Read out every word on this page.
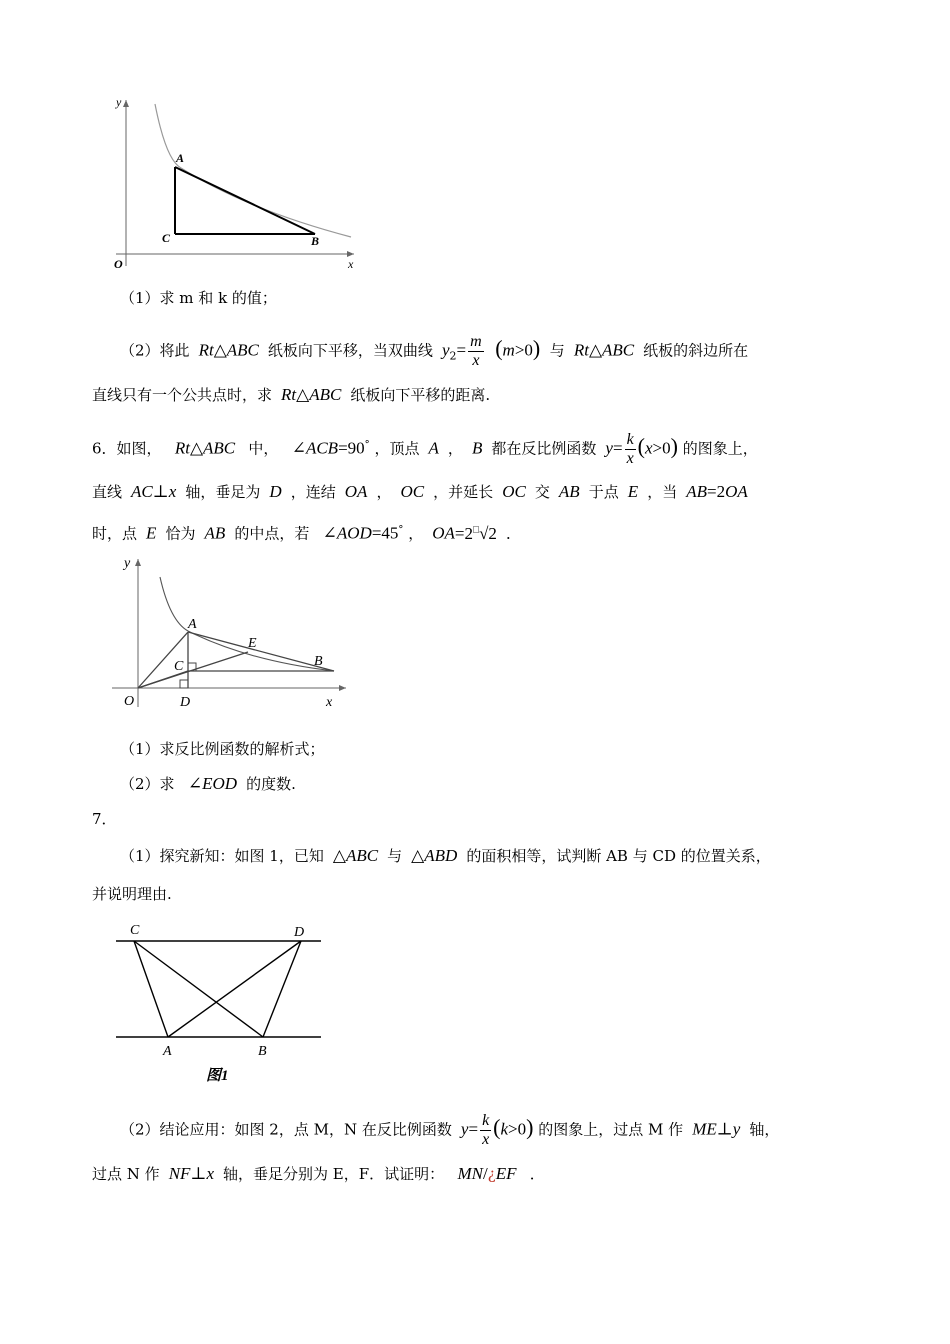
y
x
O
A
C	B
（1）求 m 和 k 的值；
（2）将此  Rt△ABC  纸板向下平移，当双曲线  $y_2= \frac{m}{x} (m>0)$ 与  Rt△ABC  纸板的斜边所在
直线只有一个公共点时，求  Rt△ABC  纸板向下平移的距离.
6．如图，   Rt△ABC   中，   ∠ACB=90° ，顶点  A  ，  B  都在反比例函数  $y= \frac{k}{x} (x>0)$ 的图象上，
直线  AC⊥x  轴，垂足为  D  ，连结  OA  ，  OC  ，并延长  OC  交  AB  于点  E  ，当  AB=2OA
时，点  E  恰为  AB  的中点，若   ∠AOD=45° ，  OA=2□√2  ．
y
x
O
A
C
E
B
D
（1）求反比例函数的解析式；
（2）求   ∠EOD  的度数.
7．
（1）探究新知：如图 1，已知  △ABC  与  △ABD  的面积相等，试判断 AB 与 CD 的位置关系，
并说明理由.
C	D
A	B
图1
（2）结论应用：如图 2，点 M，N 在反比例函数  $y= \frac{k}{x} (k>0)$ 的图象上，过点 M 作  ME⊥y  轴，
过点 N 作  NF⊥x  轴，垂足分别为 E，F．试证明：   MN/¿EF   ．
